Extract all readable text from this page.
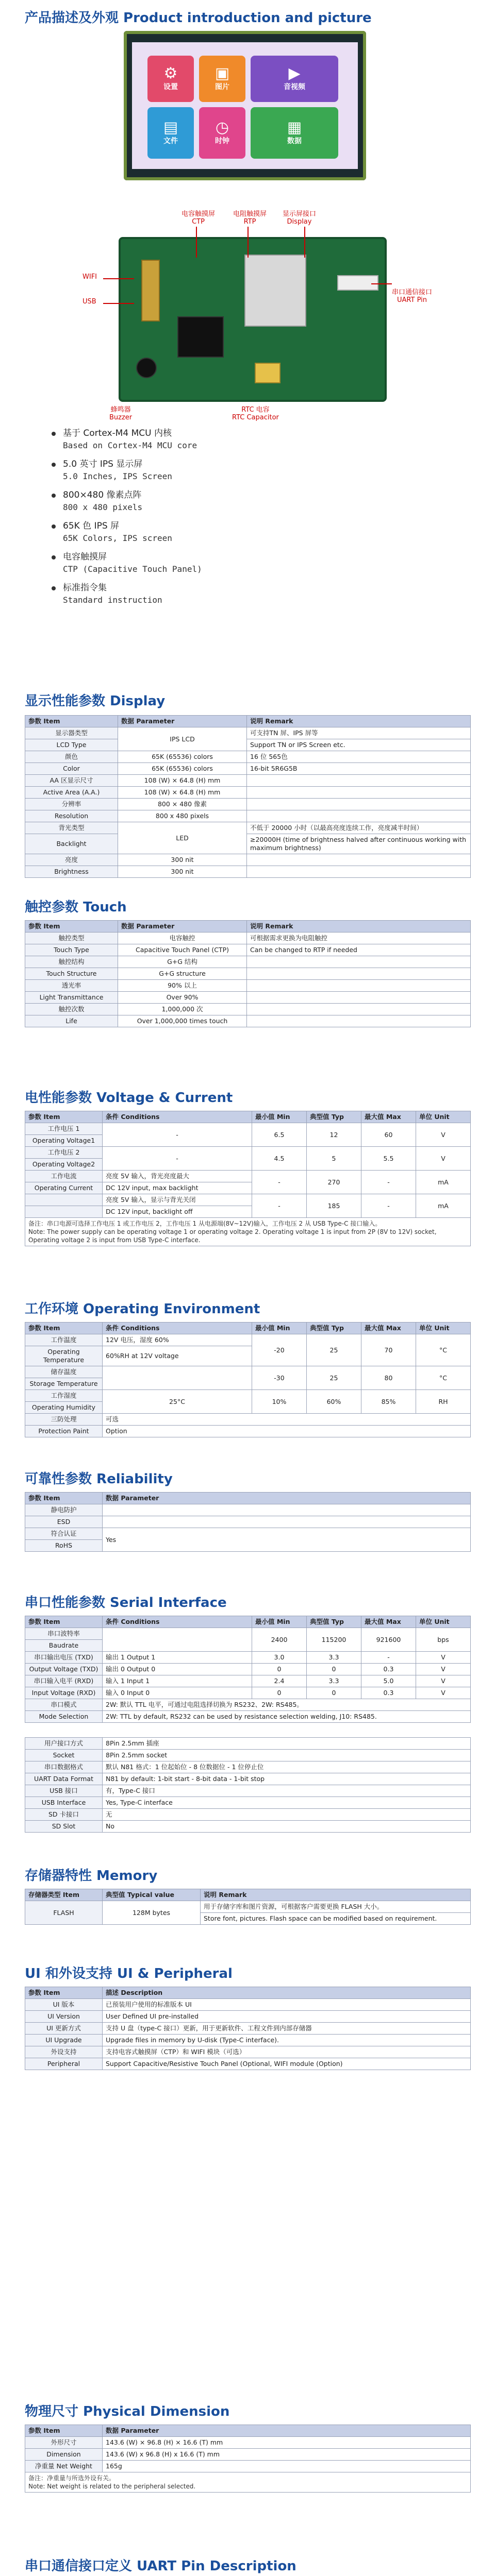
产品描述及外观 Product introduction and picture
⚙
设置
▣
图片
▶
音视频
▤
文件
◷
时钟
▦
数据
电容触摸屏
CTP
电阻触摸屏
RTP
显示屏接口
Display
WIFI
USB
串口通信接口
UART Pin
蜂鸣器
Buzzer
RTC 电容
RTC Capacitor
基于 Cortex-M4 MCU 内核
Based on Cortex-M4 MCU core
5.0 英寸 IPS 显示屏
5.0 Inches, IPS Screen
800×480 像素点阵
800 x 480 pixels
65K 色 IPS 屏
65K Colors, IPS screen
电容触摸屏
CTP (Capacitive Touch Panel)
标准指令集
Standard instruction
显示性能参数 Display
参数 Item	数据 Parameter	说明 Remark
显示器类型	IPS LCD	可支持TN 屏、IPS 屏等
LCD Type		Support TN or IPS Screen etc.
颜色	65K (65536) colors	16 位 565色
Color	65K (65536) colors	16-bit 5R6G5B
AA 区显示尺寸	108 (W) × 64.8 (H) mm	
Active Area (A.A.)	108 (W) × 64.8 (H) mm	
分辨率	800 × 480 像素	
Resolution	800 x 480 pixels	
背光类型	LED	不低于 20000 小时（以最高亮度连续工作，亮度减半时间）
Backlight		≥20000H (time of brightness halved after continuous working with maximum brightness)
亮度	300 nit	
Brightness	300 nit	
触控参数 Touch
参数 Item	数据 Parameter	说明 Remark
触控类型	电容触控	可根据需求更换为电阻触控
Touch Type	Capacitive Touch Panel (CTP)	Can be changed to RTP if needed
触控结构	G+G 结构	
Touch Structure	G+G structure	
透光率	90% 以上	
Light Transmittance	Over 90%	
触控次数	1,000,000 次	
Life	Over 1,000,000 times touch	
电性能参数 Voltage & Current
参数 Item	条件 Conditions	最小值 Min	典型值 Typ	最大值 Max	单位 Unit
工作电压 1	-	6.5	12	60	V
Operating Voltage1					
工作电压 2	-	4.5	5	5.5	V
Operating Voltage2					
工作电流	亮度 5V 输入，背光亮度最大	-	270	-	mA
Operating Current	DC 12V input, max backlight				
	亮度 5V 输入，显示与背光关闭	-	185	-	mA
	DC 12V input, backlight off				

备注：串口电源可选择工作电压 1 或工作电压 2，工作电压 1 从电源端(8V~12V)输入，工作电压 2 从 USB Type-C 接口输入。
Note: The power supply can be operating voltage 1 or operating voltage 2. Operating voltage 1 is input from 2P (8V to 12V) socket, Operating voltage 2 is input from USB Type-C interface.					
工作环境 Operating Environment
参数 Item	条件 Conditions	最小值 Min	典型值 Typ	最大值 Max	单位 Unit
工作温度	12V 电压，湿度 60%	-20	25	70	°C
Operating Temperature	60%RH at 12V voltage				
储存温度		-30	25	80	°C
Storage Temperature					
工作湿度	25°C	10%	60%	85%	RH
Operating Humidity					
三防处理	可选				
Protection Paint	Option				
可靠性参数 Reliability
参数 Item	数据 Parameter
静电防护	
ESD	
符合认证	Yes
RoHS	
串口性能参数 Serial Interface
参数 Item	条件 Conditions	最小值 Min	典型值 Typ	最大值 Max	单位 Unit
串口波特率		2400	115200	921600	bps
Baudrate					
串口输出电压 (TXD)	输出 1 Output 1	3.0	3.3	-	V
Output Voltage (TXD)	输出 0 Output 0	0	0	0.3	V
串口输入电平 (RXD)	输入 1 Input 1	2.4	3.3	5.0	V
Input Voltage (RXD)	输入 0 Input 0	0	0	0.3	V
串口模式	2W: 默认 TTL 电平，可通过电阻选择切换为 RS232、2W: RS485。				
Mode Selection	2W: TTL by default, RS232 can be used by resistance selection welding, J10: RS485.				
用户接口方式	8Pin 2.5mm 插座
Socket	8Pin 2.5mm socket
串口数据格式	默认 N81 格式：1 位起始位 - 8 位数据位 - 1 位停止位
UART Data Format	N81 by default: 1-bit start - 8-bit data - 1-bit stop
USB 接口	有，Type-C 接口
USB Interface	Yes, Type-C interface
SD 卡接口	无
SD Slot	No
存储器特性 Memory
存储器类型 Item	典型值 Typical value	说明 Remark
FLASH	128M bytes	用于存储字库和图片资源，可根据客户需要更换 FLASH 大小。
		Store font, pictures. Flash space can be modified based on requirement.
UI 和外设支持 UI & Peripheral
参数 Item	描述 Description
UI 版本	已预装用户使用的标准版本 UI
UI Version	User Defined UI pre-installed
UI 更新方式	支持 U 盘（type-C 接口）更新，用于更新软件、工程文件到内部存储器
UI Upgrade	Upgrade files in memory by U-disk (Type-C interface).
外设支持	支持电容式触摸屏（CTP）和 WIFI 模块（可选）
Peripheral	Support Capacitive/Resistive Touch Panel (Optional, WIFI module (Option)
物理尺寸 Physical Dimension
参数 Item	数据 Parameter
外形尺寸	143.6 (W) × 96.8 (H) × 16.6 (T) mm
Dimension	143.6 (W) x 96.8 (H) x 16.6 (T) mm
净重量 Net Weight	165g

备注：净重量与所选外设有关。
Note: Net weight is related to the peripheral selected.	
串口通信接口定义 UART Pin Description
